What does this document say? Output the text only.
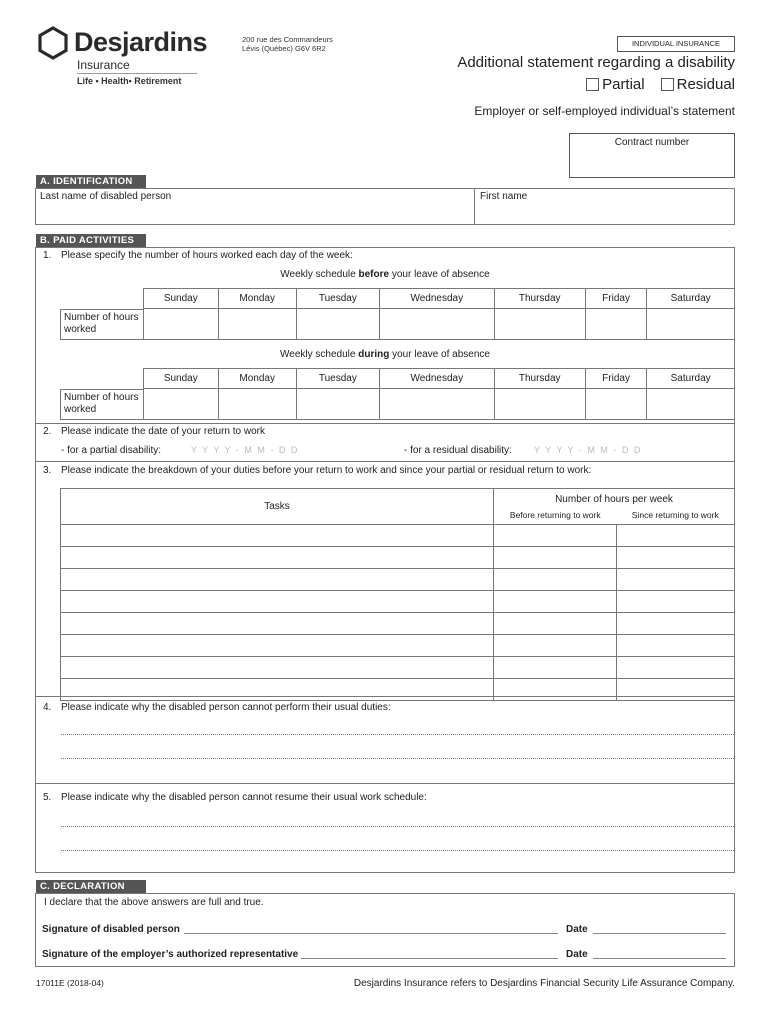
Desjardins
Insurance
Life • Health• Retirement
200 rue des Commandeurs
Lévis (Québec) G6V 6R2
INDIVIDUAL INSURANCE
Additional statement regarding a disability
Partial Residual
Employer or self-employed individual’s statement
Contract number
A. IDENTIFICATION
Last name of disabled person	First name
B. PAID ACTIVITIES
1. Please specify the number of hours worked each day of the week:
Weekly schedule before your leave of absence
Sunday	Monday	Tuesday	Wednesday	Thursday	Friday	Saturday

Number of hours
worked
Weekly schedule during your leave of absence
Sunday	Monday	Tuesday	Wednesday	Thursday	Friday	Saturday

Number of hours
worked
2. Please indicate the date of your return to work
- for a partial disability:	Y Y Y Y - M M - D D	- for a residual disability: Y Y Y Y - M M - D D
3. Please indicate the breakdown of your duties before your return to work and since your partial or residual return to work:
Tasks	Number of hours per week	
	Before returning to work	Since returning to work

4. Please indicate why the disabled person cannot perform their usual duties:
5. Please indicate why the disabled person cannot resume their usual work schedule:
C. DECLARATION
I declare that the above answers are full and true.
Signature of disabled person	Date
Signature of the employer’s authorized representative	Date
17011E (2018-04)	Desjardins Insurance refers to Desjardins Financial Security Life Assurance Company.
